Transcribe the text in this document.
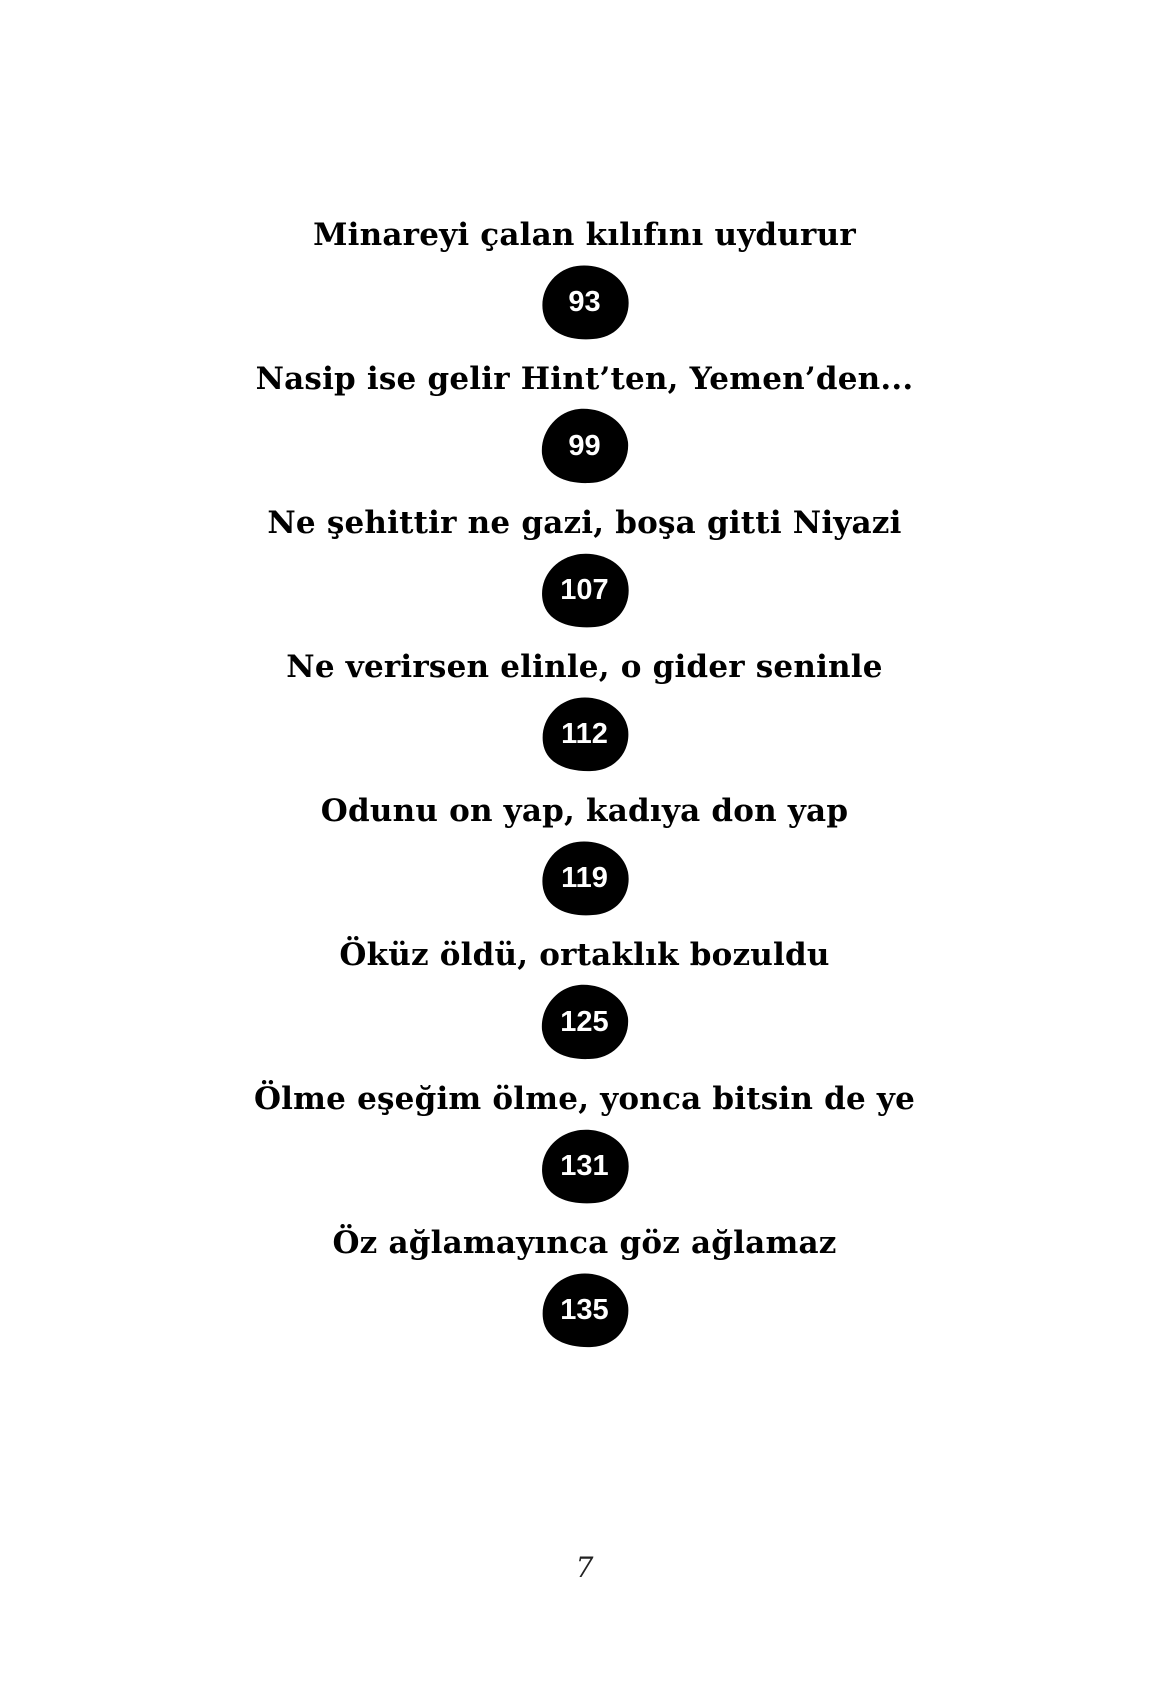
Minareyi çalan kılıfını uydurur
93
Nasip ise gelir Hint’ten, Yemen’den...
99
Ne şehittir ne gazi, boşa gitti Niyazi
107
Ne verirsen elinle, o gider seninle
112
Odunu on yap, kadıya don yap
119
Öküz öldü, ortaklık bozuldu
125
Ölme eşeğim ölme, yonca bitsin de ye
131
Öz ağlamayınca göz ağlamaz
135
7
